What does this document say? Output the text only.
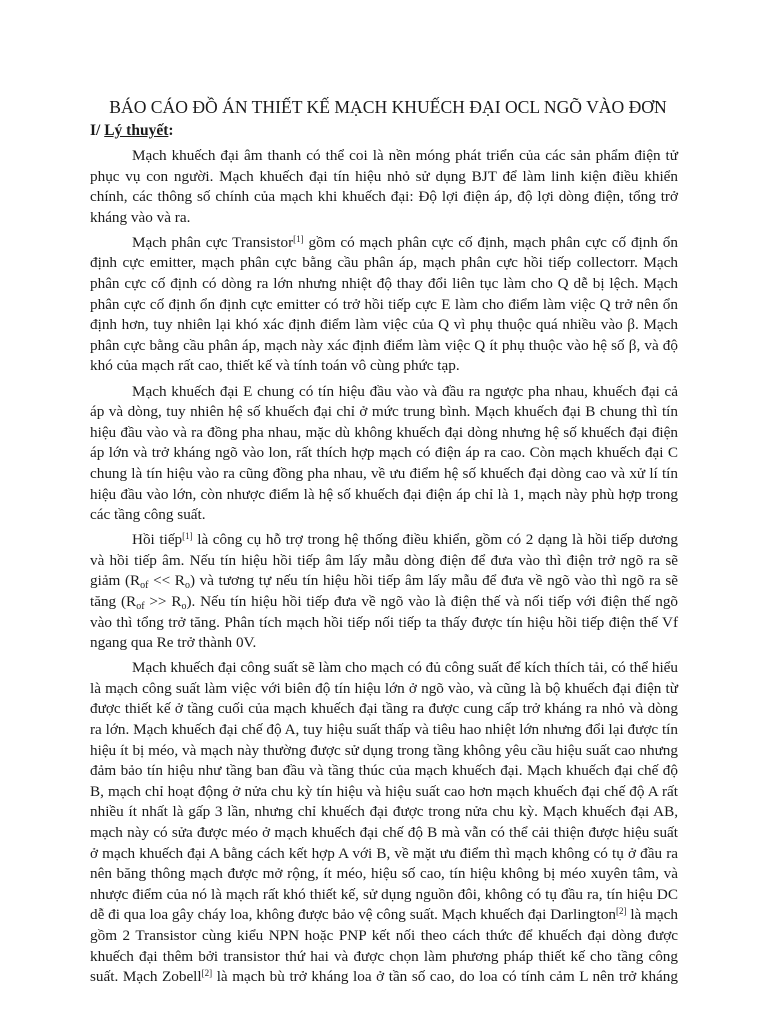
BÁO CÁO ĐỒ ÁN THIẾT KẾ MẠCH KHUẾCH ĐẠI OCL NGÕ VÀO ĐƠN
I/ Lý thuyết:

Mạch khuếch đại âm thanh có thể coi là nền móng phát triển của các sản phẩm điện tử phục vụ con người. Mạch khuếch đại tín hiệu nhỏ sử dụng BJT để làm linh kiện điều khiển chính, các thông số chính của mạch khi khuếch đại: Độ lợi điện áp, độ lợi dòng điện, tổng trở kháng vào và ra.

Mạch phân cực Transistor[1] gồm có mạch phân cực cố định, mạch phân cực cố định ổn định cực emitter, mạch phân cực bằng cầu phân áp, mạch phân cực hồi tiếp collectorr. Mạch phân cực cố định có dòng ra lớn nhưng nhiệt độ thay đổi liên tục làm cho Q dễ bị lệch. Mạch phân cực cố định ổn định cực emitter có trở hồi tiếp cực E làm cho điểm làm việc Q trở nên ổn định hơn, tuy nhiên lại khó xác định điểm làm việc của Q vì phụ thuộc quá nhiều vào β. Mạch phân cực bằng cầu phân áp, mạch này xác định điểm làm việc Q ít phụ thuộc vào hệ số β, và độ khó của mạch rất cao, thiết kế và tính toán vô cùng phức tạp.

Mạch khuếch đại E chung có tín hiệu đầu vào và đầu ra ngược pha nhau, khuếch đại cả áp và dòng, tuy nhiên hệ số khuếch đại chỉ ở mức trung bình. Mạch khuếch đại B chung thì tín hiệu đầu vào và ra đồng pha nhau, mặc dù không khuếch đại dòng nhưng hệ số khuếch đại điện áp lớn và trở kháng ngõ vào lon, rất thích hợp mạch có điện áp ra cao. Còn mạch khuếch đại C chung là tín hiệu vào ra cũng đồng pha nhau, về ưu điểm hệ số khuếch đại dòng cao và xử lí tín hiệu đầu vào lớn, còn nhược điểm là hệ số khuếch đại điện áp chỉ là 1, mạch này phù hợp trong các tầng công suất.

Hồi tiếp[1] là công cụ hỗ trợ trong hệ thống điều khiển, gồm có 2 dạng là hồi tiếp dương và hồi tiếp âm. Nếu tín hiệu hồi tiếp âm lấy mẫu dòng điện để đưa vào thì điện trở ngõ ra sẽ giảm $(R_{of} << R_o)$ và tương tự nếu tín hiệu hồi tiếp âm lấy mẫu để đưa về ngõ vào thì ngõ ra sẽ tăng $(R_{of} >> R_o)$. Nếu tín hiệu hồi tiếp đưa về ngõ vào là điện thế và nối tiếp với điện thế ngõ vào thì tổng trở tăng. Phân tích mạch hồi tiếp nối tiếp ta thấy được tín hiệu hồi tiếp điện thế Vf ngang qua Re trở thành 0V.

Mạch khuếch đại công suất sẽ làm cho mạch có đủ công suất để kích thích tải, có thể hiểu là mạch công suất làm việc với biên độ tín hiệu lớn ở ngõ vào, và cũng là bộ khuếch đại điện từ được thiết kế ở tầng cuối của mạch khuếch đại tầng ra được cung cấp trở kháng ra nhỏ và dòng ra lớn. Mạch khuếch đại chế độ A, tuy hiệu suất thấp và tiêu hao nhiệt lớn nhưng đổi lại được tín hiệu ít bị méo, và mạch này thường được sử dụng trong tầng không yêu cầu hiệu suất cao nhưng đảm bảo tín hiệu như tầng ban đầu và tầng thúc của mạch khuếch đại. Mạch khuếch đại chế độ B, mạch chỉ hoạt động ở nửa chu kỳ tín hiệu và hiệu suất cao hơn mạch khuếch đại chế độ A rất nhiều ít nhất là gấp 3 lần, nhưng chỉ khuếch đại được trong nửa chu kỳ. Mạch khuếch đại AB, mạch này có sửa được méo ở mạch khuếch đại chế độ B mà vẫn có thể cải thiện được hiệu suất ở mạch khuếch đại A bằng cách kết hợp A với B, về mặt ưu điểm thì mạch không có tụ ở đầu ra nên băng thông mạch được mở rộng, ít méo, hiệu số cao, tín hiệu không bị méo xuyên tâm, và nhược điểm của nó là mạch rất khó thiết kế, sử dụng nguồn đôi, không có tụ đầu ra, tín hiệu DC dễ đi qua loa gây cháy loa, không được bảo vệ công suất. Mạch khuếch đại Darlington[2] là mạch gồm 2 Transistor cùng kiểu NPN hoặc PNP kết nối theo cách thức để khuếch đại dòng được khuếch đại thêm bởi transistor thứ hai và được chọn làm phương pháp thiết kế cho tầng công suất. Mạch Zobell[2] là mạch bù trở kháng loa ở tần số cao, do loa có tính cảm L nên trở kháng
